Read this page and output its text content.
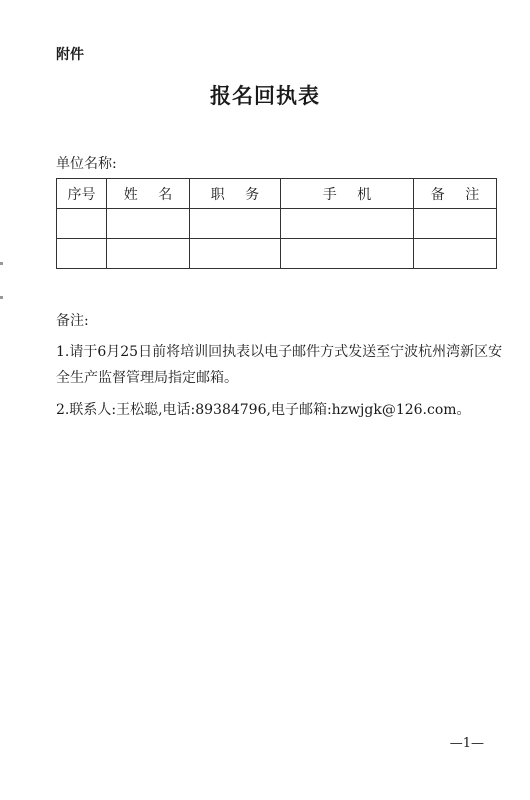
附件
报名回执表
单位名称:
序号	姓 名	职 务	手 机	备 注

备注:
1.请于6月25日前将培训回执表以电子邮件方式发送至宁波杭州湾新区安全生产监督管理局指定邮箱。
2.联系人:王松聪,电话:89384796,电子邮箱:hzwjgk@126.com。
—1—
